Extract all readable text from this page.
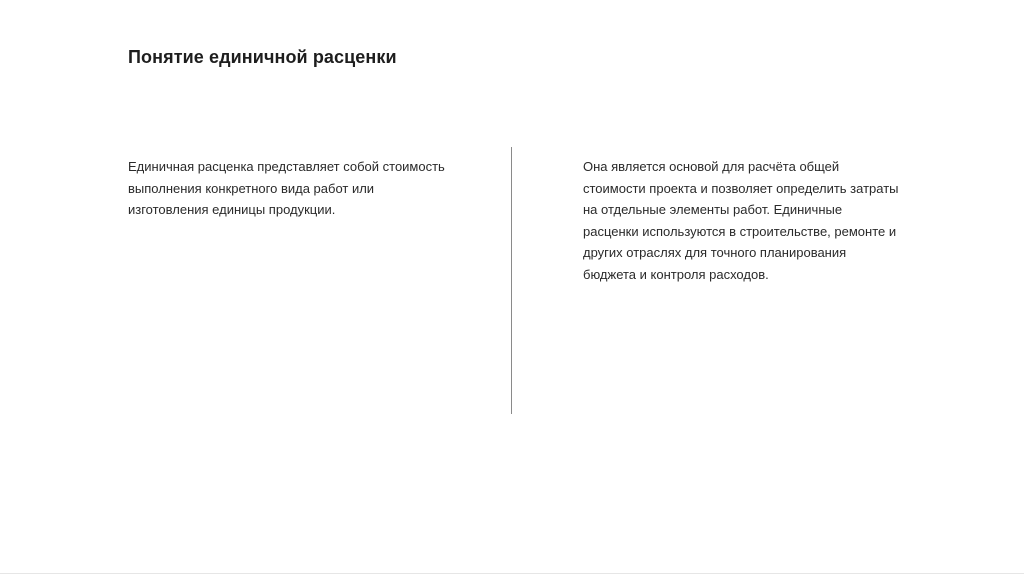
Понятие единичной расценки
Единичная расценка представляет собой стоимость
выполнения конкретного вида работ или
изготовления единицы продукции.
Она является основой для расчёта общей
стоимости проекта и позволяет определить затраты
на отдельные элементы работ. Единичные
расценки используются в строительстве, ремонте и
других отраслях для точного планирования
бюджета и контроля расходов.
